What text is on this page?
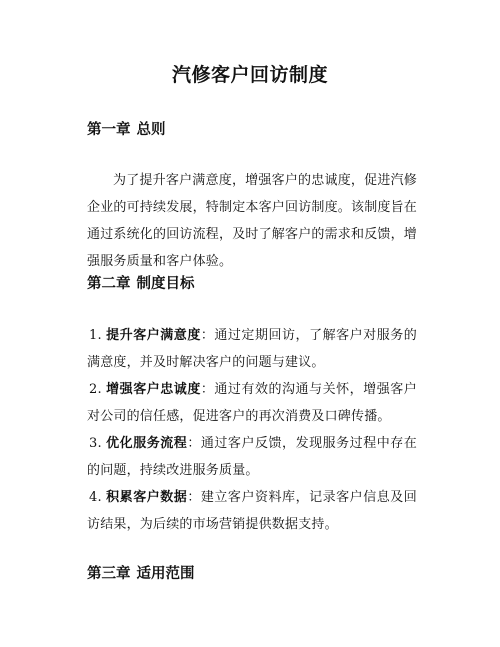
汽修客户回访制度
第一章 总则

为了提升客户满意度，增强客户的忠诚度，促进汽修企业的可持续发展，特制定本客户回访制度。该制度旨在通过系统化的回访流程，及时了解客户的需求和反馈，增强服务质量和客户体验。

第二章 制度目标
1. 提升客户满意度：通过定期回访，了解客户对服务的满意度，并及时解决客户的问题与建议。
2. 增强客户忠诚度：通过有效的沟通与关怀，增强客户对公司的信任感，促进客户的再次消费及口碑传播。
3. 优化服务流程：通过客户反馈，发现服务过程中存在的问题，持续改进服务质量。
4. 积累客户数据：建立客户资料库，记录客户信息及回访结果，为后续的市场营销提供数据支持。
第三章 适用范围
